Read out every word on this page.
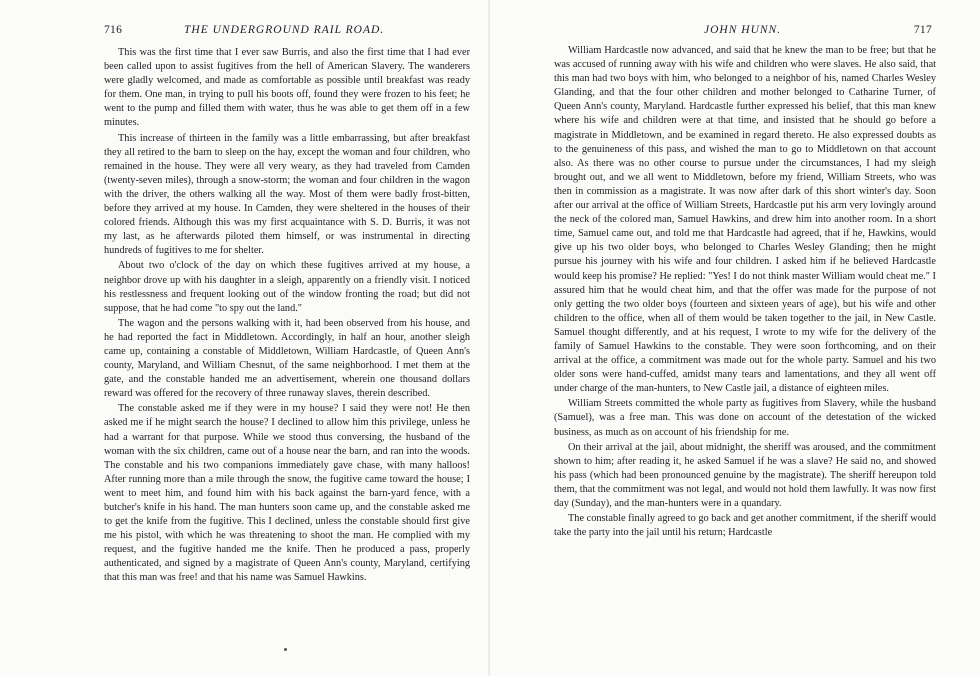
716	THE UNDERGROUND RAIL ROAD.

This was the first time that I ever saw Burris, and also the first time that I had ever been called upon to assist fugitives from the hell of American Slavery. The wanderers were gladly welcomed, and made as comfortable as possible until breakfast was ready for them. One man, in trying to pull his boots off, found they were frozen to his feet; he went to the pump and filled them with water, thus he was able to get them off in a few minutes.

This increase of thirteen in the family was a little embarrassing, but after breakfast they all retired to the barn to sleep on the hay, except the woman and four children, who remained in the house. They were all very weary, as they had traveled from Camden (twenty-seven miles), through a snow-storm; the woman and four children in the wagon with the driver, the others walking all the way. Most of them were badly frost-bitten, before they arrived at my house. In Camden, they were sheltered in the houses of their colored friends. Although this was my first acquaintance with S. D. Burris, it was not my last, as he afterwards piloted them himself, or was instrumental in directing hundreds of fugitives to me for shelter.

About two o'clock of the day on which these fugitives arrived at my house, a neighbor drove up with his daughter in a sleigh, apparently on a friendly visit. I noticed his restlessness and frequent looking out of the window fronting the road; but did not suppose, that he had come "to spy out the land."

The wagon and the persons walking with it, had been observed from his house, and he had reported the fact in Middletown. Accordingly, in half an hour, another sleigh came up, containing a constable of Middletown, William Hardcastle, of Queen Ann's county, Maryland, and William Chesnut, of the same neighborhood. I met them at the gate, and the constable handed me an advertisement, wherein one thousand dollars reward was offered for the recovery of three runaway slaves, therein described.

The constable asked me if they were in my house? I said they were not! He then asked me if he might search the house? I declined to allow him this privilege, unless he had a warrant for that purpose. While we stood thus conversing, the husband of the woman with the six children, came out of a house near the barn, and ran into the woods. The constable and his two companions immediately gave chase, with many halloos! After running more than a mile through the snow, the fugitive came toward the house; I went to meet him, and found him with his back against the barn-yard fence, with a butcher's knife in his hand. The man hunters soon came up, and the constable asked me to get the knife from the fugitive. This I declined, unless the constable should first give me his pistol, with which he was threatening to shoot the man. He complied with my request, and the fugitive handed me the knife. Then he produced a pass, properly authenticated, and signed by a magistrate of Queen Ann's county, Maryland, certifying that this man was free! and that his name was Samuel Hawkins.

JOHN HUNN.	717

William Hardcastle now advanced, and said that he knew the man to be free; but that he was accused of running away with his wife and children who were slaves. He also said, that this man had two boys with him, who belonged to a neighbor of his, named Charles Wesley Glanding, and that the four other children and mother belonged to Catharine Turner, of Queen Ann's county, Maryland. Hardcastle further expressed his belief, that this man knew where his wife and children were at that time, and insisted that he should go before a magistrate in Middletown, and be examined in regard thereto. He also expressed doubts as to the genuineness of this pass, and wished the man to go to Middletown on that account also. As there was no other course to pursue under the circumstances, I had my sleigh brought out, and we all went to Middletown, before my friend, William Streets, who was then in commission as a magistrate. It was now after dark of this short winter's day. Soon after our arrival at the office of William Streets, Hardcastle put his arm very lovingly around the neck of the colored man, Samuel Hawkins, and drew him into another room. In a short time, Samuel came out, and told me that Hardcastle had agreed, that if he, Hawkins, would give up his two older boys, who belonged to Charles Wesley Glanding; then he might pursue his journey with his wife and four children. I asked him if he believed Hardcastle would keep his promise? He replied: "Yes! I do not think master William would cheat me." I assured him that he would cheat him, and that the offer was made for the purpose of not only getting the two older boys (fourteen and sixteen years of age), but his wife and other children to the office, when all of them would be taken together to the jail, in New Castle. Samuel thought differently, and at his request, I wrote to my wife for the delivery of the family of Samuel Hawkins to the constable. They were soon forthcoming, and on their arrival at the office, a commitment was made out for the whole party. Samuel and his two older sons were hand-cuffed, amidst many tears and lamentations, and they all went off under charge of the man-hunters, to New Castle jail, a distance of eighteen miles.

William Streets committed the whole party as fugitives from Slavery, while the husband (Samuel), was a free man. This was done on account of the detestation of the wicked business, as much as on account of his friendship for me.

On their arrival at the jail, about midnight, the sheriff was aroused, and the commitment shown to him; after reading it, he asked Samuel if he was a slave? He said no, and showed his pass (which had been pronounced genuine by the magistrate). The sheriff hereupon told them, that the commitment was not legal, and would not hold them lawfully. It was now first day (Sunday), and the man-hunters were in a quandary.

The constable finally agreed to go back and get another commitment, if the sheriff would take the party into the jail until his return; Hardcastle
